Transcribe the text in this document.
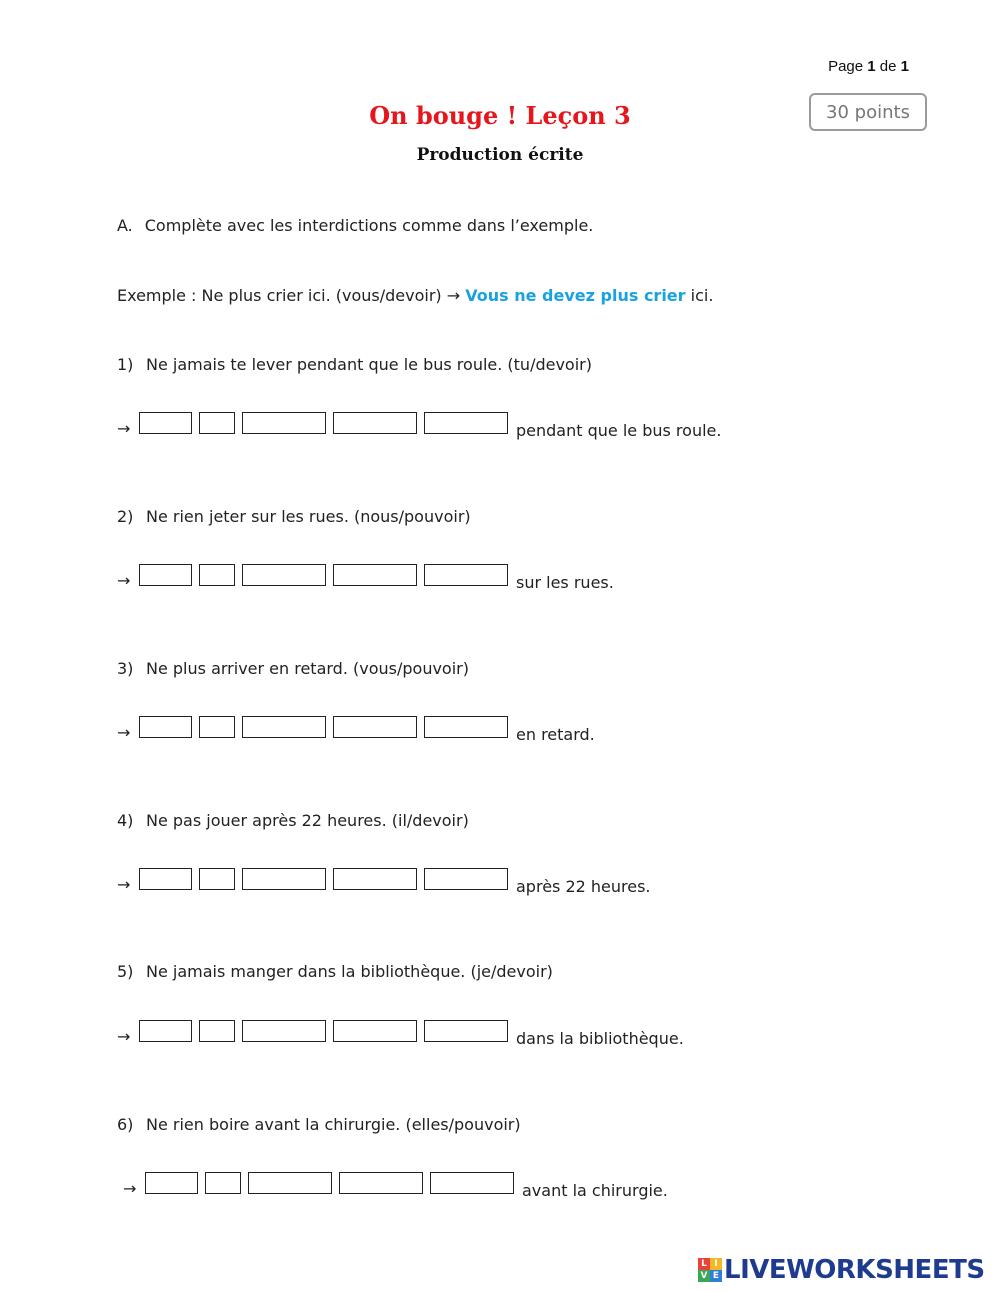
Page 1 de 1
30 points
On bouge ! Leçon 3
Production écrite
A. Complète avec les interdictions comme dans l’exemple.
Exemple : Ne plus crier ici. (vous/devoir) → Vous ne devez plus crier ici.
1) Ne jamais te lever pendant que le bus roule. (tu/devoir)
→	pendant que le bus roule.
2) Ne rien jeter sur les rues. (nous/pouvoir)
→	sur les rues.
3) Ne plus arriver en retard. (vous/pouvoir)
→	en retard.
4) Ne pas jouer après 22 heures. (il/devoir)
→	après 22 heures.
5) Ne jamais manger dans la bibliothèque. (je/devoir)
→	dans la bibliothèque.
6) Ne rien boire avant la chirurgie. (elles/pouvoir)
→	avant la chirurgie.
L I
V E LIVEWORKSHEETS
